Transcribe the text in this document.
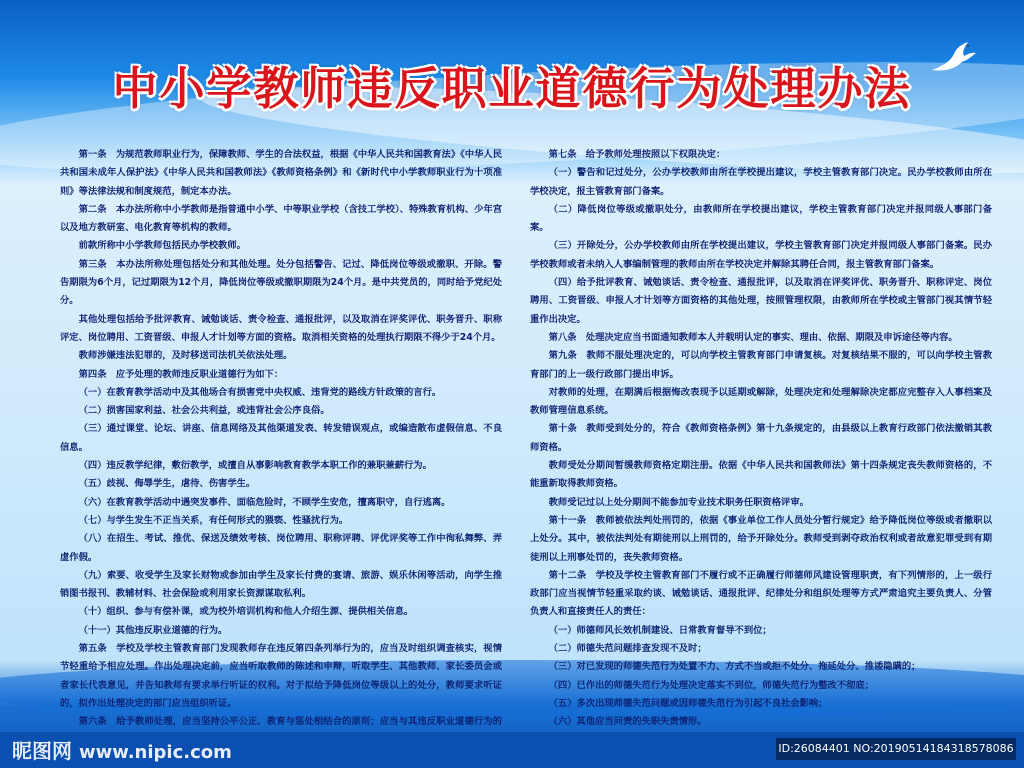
中小学教师违反职业道德行为处理办法

第一条　为规范教师职业行为，保障教师、学生的合法权益，根据《中华人民共和国教育法》《中华人民共和国未成年人保护法》《中华人民共和国教师法》《教师资格条例》和《新时代中小学教师职业行为十项准则》等法律法规和制度规范，制定本办法。

第二条　本办法所称中小学教师是指普通中小学、中等职业学校（含技工学校）、特殊教育机构、少年宫以及地方教研室、电化教育等机构的教师。

前款所称中小学教师包括民办学校教师。

第三条　本办法所称处理包括处分和其他处理。处分包括警告、记过、降低岗位等级或撤职、开除。警告期限为6个月，记过期限为12个月，降低岗位等级或撤职期限为24个月。是中共党员的，同时给予党纪处分。

其他处理包括给予批评教育、诫勉谈话、责令检查、通报批评，以及取消在评奖评优、职务晋升、职称评定、岗位聘用、工资晋级、申报人才计划等方面的资格。取消相关资格的处理执行期限不得少于24个月。

教师涉嫌违法犯罪的，及时移送司法机关依法处理。

第四条　应予处理的教师违反职业道德行为如下：

（一）在教育教学活动中及其他场合有损害党中央权威、违背党的路线方针政策的言行。

（二）损害国家利益、社会公共利益，或违背社会公序良俗。

（三）通过课堂、论坛、讲座、信息网络及其他渠道发表、转发错误观点，或编造散布虚假信息、不良信息。

（四）违反教学纪律，敷衍教学，或擅自从事影响教育教学本职工作的兼职兼薪行为。

（五）歧视、侮辱学生，虐待、伤害学生。

（六）在教育教学活动中遇突发事件、面临危险时，不顾学生安危，擅离职守，自行逃离。

（七）与学生发生不正当关系，有任何形式的猥亵、性骚扰行为。

（八）在招生、考试、推优、保送及绩效考核、岗位聘用、职称评聘、评优评奖等工作中徇私舞弊、弄虚作假。

（九）索要、收受学生及家长财物或参加由学生及家长付费的宴请、旅游、娱乐休闲等活动，向学生推销图书报刊、教辅材料、社会保险或利用家长资源谋取私利。

（十）组织、参与有偿补课，或为校外培训机构和他人介绍生源、提供相关信息。

（十一）其他违反职业道德的行为。

第五条　学校及学校主管教育部门发现教师存在违反第四条列举行为的，应当及时组织调查核实，视情节轻重给予相应处理。作出处理决定前，应当听取教师的陈述和申辩，听取学生、其他教师、家长委员会或者家长代表意见，并告知教师有要求举行听证的权利。对于拟给予降低岗位等级以上的处分，教师要求听证的，拟作出处理决定的部门应当组织听证。

第六条　给予教师处理，应当坚持公平公正、教育与惩处相结合的原则；应当与其违反职业道德行为的

第七条　给予教师处理按照以下权限决定：

（一）警告和记过处分，公办学校教师由所在学校提出建议，学校主管教育部门决定。民办学校教师由所在学校决定，报主管教育部门备案。

（二）降低岗位等级或撤职处分，由教师所在学校提出建议，学校主管教育部门决定并报同级人事部门备案。

（三）开除处分，公办学校教师由所在学校提出建议，学校主管教育部门决定并报同级人事部门备案。民办学校教师或者未纳入人事编制管理的教师由所在学校决定并解除其聘任合同，报主管教育部门备案。

（四）给予批评教育、诫勉谈话、责令检查、通报批评，以及取消在评奖评优、职务晋升、职称评定、岗位聘用、工资晋级、申报人才计划等方面资格的其他处理，按照管理权限，由教师所在学校或主管部门视其情节轻重作出决定。

第八条　处理决定应当书面通知教师本人并载明认定的事实、理由、依据、期限及申诉途径等内容。

第九条　教师不服处理决定的，可以向学校主管教育部门申请复核。对复核结果不服的，可以向学校主管教育部门的上一级行政部门提出申诉。

对教师的处理，在期满后根据悔改表现予以延期或解除，处理决定和处理解除决定都应完整存入人事档案及教师管理信息系统。

第十条　教师受到处分的，符合《教师资格条例》第十九条规定的，由县级以上教育行政部门依法撤销其教师资格。

教师受处分期间暂缓教师资格定期注册。依据《中华人民共和国教师法》第十四条规定丧失教师资格的，不能重新取得教师资格。

教师受记过以上处分期间不能参加专业技术职务任职资格评审。

第十一条　教师被依法判处刑罚的，依据《事业单位工作人员处分暂行规定》给予降低岗位等级或者撤职以上处分。其中，被依法判处有期徒刑以上刑罚的，给予开除处分。教师受到剥夺政治权利或者故意犯罪受到有期徒刑以上刑事处罚的，丧失教师资格。

第十二条　学校及学校主管教育部门不履行或不正确履行师德师风建设管理职责，有下列情形的，上一级行政部门应当视情节轻重采取约谈、诫勉谈话、通报批评、纪律处分和组织处理等方式严肃追究主要负责人、分管负责人和直接责任人的责任：

（一）师德师风长效机制建设、日常教育督导不到位；

（二）师德失范问题排查发现不及时；

（三）对已发现的师德失范行为处置不力、方式不当或拒不处分、拖延处分、推诿隐瞒的；

（四）已作出的师德失范行为处理决定落实不到位，师德失范行为整改不彻底；

（五）多次出现师德失范问题或因师德失范行为引起不良社会影响；

（六）其他应当问责的失职失责情形。

昵图网 www.nipic.com	ID:26084401 NO:20190514184318578086
